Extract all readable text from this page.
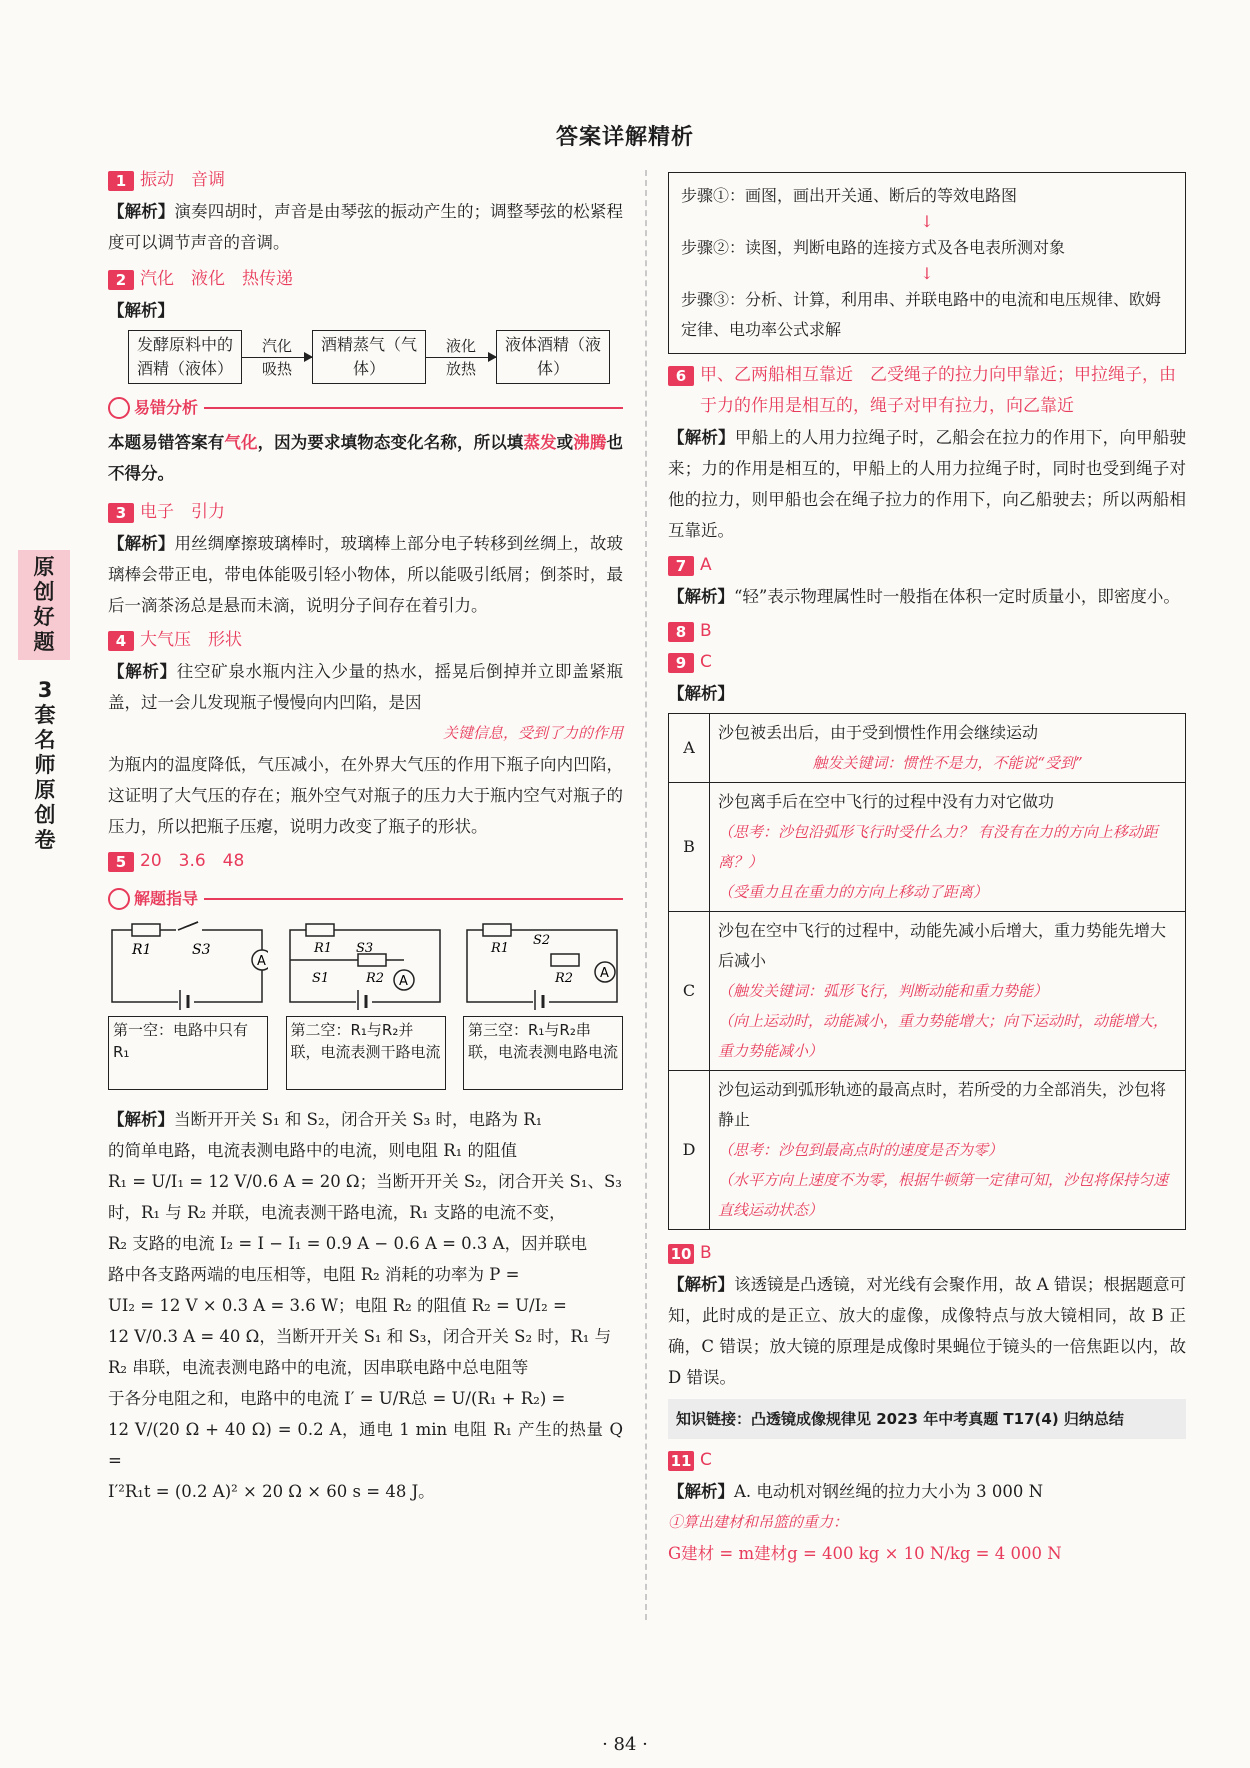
答案详解精析
原
创
好
题
3
套
名
师
原
创
卷
1 振动　音调

【解析】演奏四胡时，声音是由琴弦的振动产生的；调整琴弦的松紧程度可以调节声音的音调。

2 汽化　液化　热传递

【解析】

发酵原料中的酒精（液体）
汽化
吸热
酒精蒸气（气体）
液化
放热
液体酒精（液体）
易错分析

本题易错答案有气化，因为要求填物态变化名称，所以填蒸发或沸腾也不得分。

3 电子　引力

【解析】用丝绸摩擦玻璃棒时，玻璃棒上部分电子转移到丝绸上，故玻璃棒会带正电，带电体能吸引轻小物体，所以能吸引纸屑；倒茶时，最后一滴茶汤总是悬而未滴，说明分子间存在着引力。

4 大气压　形状

【解析】往空矿泉水瓶内注入少量的热水，摇晃后倒掉并立即盖紧瓶盖，过一会儿发现瓶子慢慢向内凹陷，是因

关键信息，受到了力的作用

为瓶内的温度降低，气压减小，在外界大气压的作用下瓶子向内凹陷，这证明了大气压的存在；瓶外空气对瓶子的压力大于瓶内空气对瓶子的压力，所以把瓶子压瘪，说明力改变了瓶子的形状。

5 20　3.6　48
解题指导
R1	S3
A
第一空：电路中只有R₁
R1 S3
R2
S1	A
第二空：R₁与R₂并联，电流表测干路电流
R1
S2
R2 A
第三空：R₁与R₂串联，电流表测电路电流

【解析】当断开开关 S₁ 和 S₂，闭合开关 S₃ 时，电路为 R₁

的简单电路，电流表测电路中的电流，则电阻 R₁ 的阻值

R₁ = U/I₁ = 12 V/0.6 A = 20 Ω；当断开开关 S₂，闭合开关 S₁、S₃

时，R₁ 与 R₂ 并联，电流表测干路电流，R₁ 支路的电流不变，

R₂ 支路的电流 I₂ = I − I₁ = 0.9 A − 0.6 A = 0.3 A，因并联电

路中各支路两端的电压相等，电阻 R₂ 消耗的功率为 P =

UI₂ = 12 V × 0.3 A = 3.6 W；电阻 R₂ 的阻值 R₂ = U/I₂ =

12 V/0.3 A = 40 Ω，当断开开关 S₁ 和 S₃，闭合开关 S₂ 时，R₁ 与

R₂ 串联，电流表测电路中的电流，因串联电路中总电阻等

于各分电阻之和，电路中的电流 I′ = U/R总 = U/(R₁ + R₂) =

12 V/(20 Ω + 40 Ω) = 0.2 A，通电 1 min 电阻 R₁ 产生的热量 Q =

I′²R₁t = (0.2 A)² × 20 Ω × 60 s = 48 J。

步骤①：画图，画出开关通、断后的等效电路图
↓
步骤②：读图，判断电路的连接方式及各电表所测对象
↓
步骤③：分析、计算，利用串、并联电路中的电流和电压规律、欧姆定律、电功率公式求解
6 甲、乙两船相互靠近　乙受绳子的拉力向甲靠近；甲拉绳子，由于力的作用是相互的，绳子对甲有拉力，向乙靠近

【解析】甲船上的人用力拉绳子时，乙船会在拉力的作用下，向甲船驶来；力的作用是相互的，甲船上的人用力拉绳子时，同时也受到绳子对他的拉力，则甲船也会在绳子拉力的作用下，向乙船驶去；所以两船相互靠近。

7 A

【解析】“轻”表示物理属性时一般指在体积一定时质量小，即密度小。

8 B
9 C

【解析】

A	沙包被丢出后，由于受到惯性作用会继续运动
触发关键词：惯性不是力，不能说“受到”

B	沙包离手后在空中飞行的过程中没有力对它做功
（思考：沙包沿弧形飞行时受什么力？ 有没有在力的方向上移动距离？）
（受重力且在重力的方向上移动了距离）

C	沙包在空中飞行的过程中，动能先减小后增大，重力势能先增大后减小
（触发关键词：弧形飞行，判断动能和重力势能）
（向上运动时，动能减小，重力势能增大；向下运动时，动能增大，重力势能减小）

D	沙包运动到弧形轨迹的最高点时，若所受的力全部消失，沙包将静止
（思考：沙包到最高点时的速度是否为零）
（水平方向上速度不为零，根据牛顿第一定律可知，沙包将保持匀速直线运动状态）
10 B

【解析】该透镜是凸透镜，对光线有会聚作用，故 A 错误；根据题意可知，此时成的是正立、放大的虚像，成像特点与放大镜相同，故 B 正确，C 错误；放大镜的原理是成像时果蝇位于镜头的一倍焦距以内，故 D 错误。

知识链接：凸透镜成像规律见 2023 年中考真题 T17(4) 归纳总结
11 C

【解析】A. 电动机对钢丝绳的拉力大小为 3 000 N

①算出建材和吊篮的重力：

G建材 = m建材g = 400 kg × 10 N/kg = 4 000 N

· 84 ·
